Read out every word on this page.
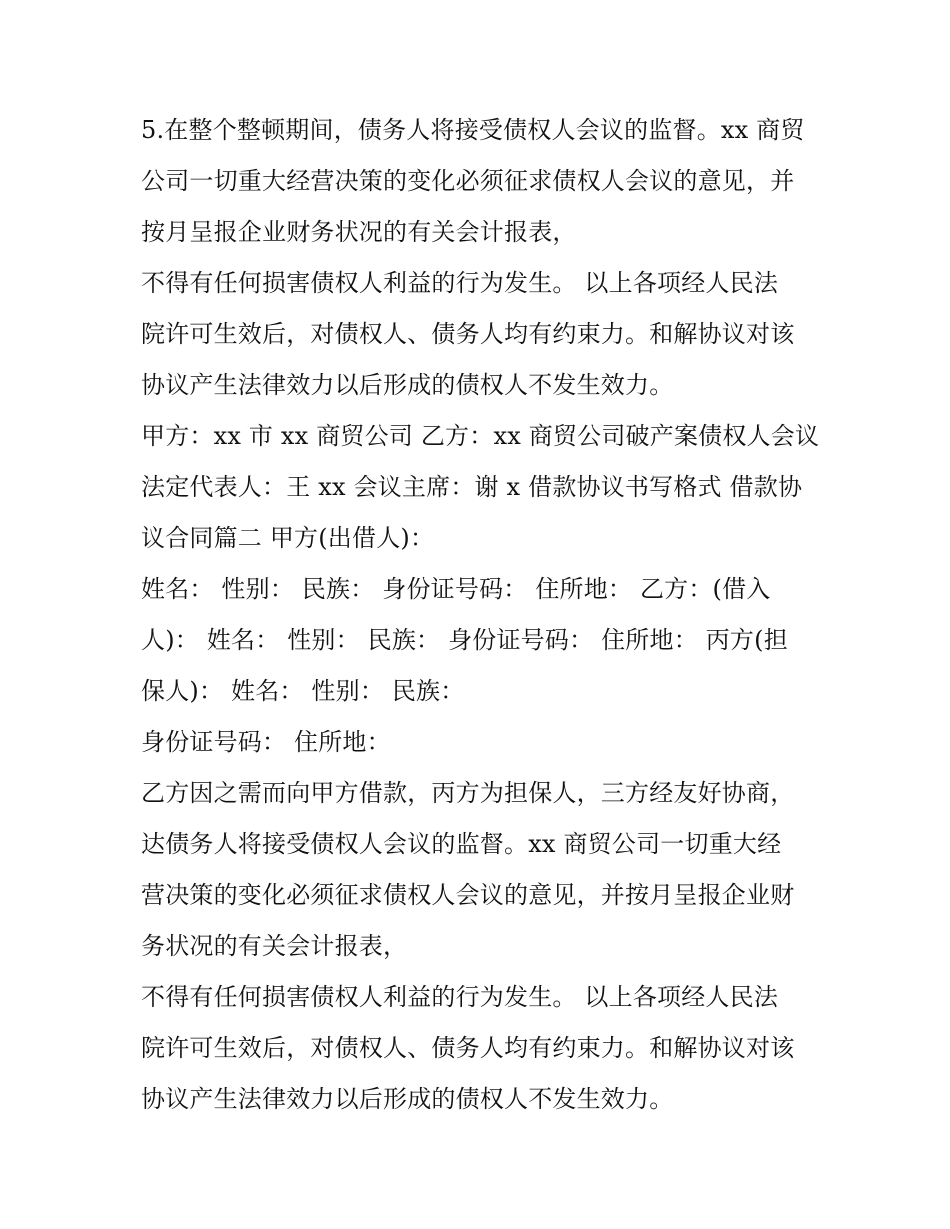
5.在整个整顿期间，债务人将接受债权人会议的监督。xx 商贸
公司一切重大经营决策的变化必须征求债权人会议的意见，并
按月呈报企业财务状况的有关会计报表，
不得有任何损害债权人利益的行为发生。 以上各项经人民法
院许可生效后，对债权人、债务人均有约束力。和解协议对该
协议产生法律效力以后形成的债权人不发生效力。
甲方：xx 市 xx 商贸公司 乙方：xx 商贸公司破产案债权人会议
法定代表人：王 xx 会议主席：谢 x 借款协议书写格式 借款协
议合同篇二 甲方(出借人)：
姓名： 性别： 民族： 身份证号码： 住所地： 乙方：(借入
人)： 姓名： 性别： 民族： 身份证号码： 住所地： 丙方(担
保人)： 姓名： 性别： 民族：
身份证号码： 住所地：
乙方因之需而向甲方借款，丙方为担保人，三方经友好协商，
达债务人将接受债权人会议的监督。xx 商贸公司一切重大经
营决策的变化必须征求债权人会议的意见，并按月呈报企业财
务状况的有关会计报表，
不得有任何损害债权人利益的行为发生。 以上各项经人民法
院许可生效后，对债权人、债务人均有约束力。和解协议对该
协议产生法律效力以后形成的债权人不发生效力。
